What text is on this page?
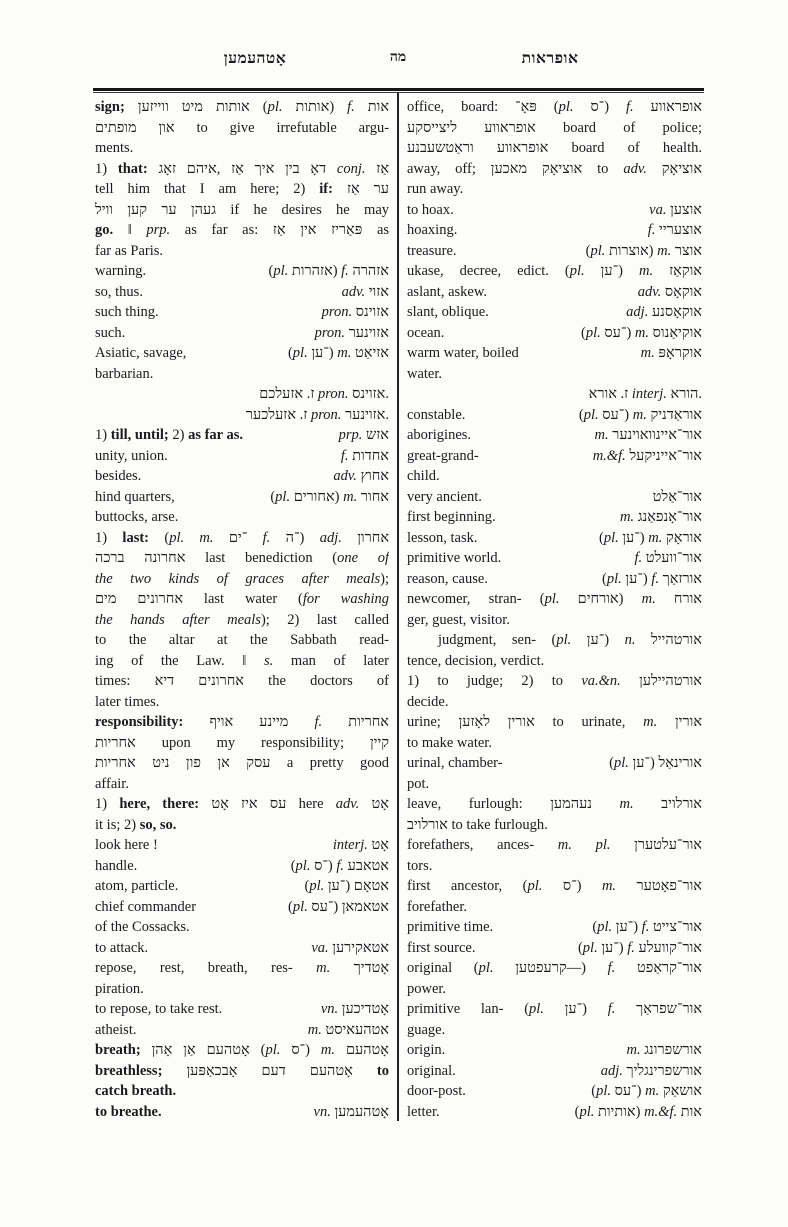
אָטהעמען	מה	אופראות
sign; ווייזען‎ מיט‎ אותות (pl. אותות) f. אות
מופתים‎ און to give irrefutable argu-
ments.
1) that: זאָג‎ איהם,‎ אַז‎ איך‎ בין‎ דאָ conj. אַז
tell him that I am here; 2) if: אַז‎ ער
וויל‎ קען‎ ער‎ געהן if he desires he may
go. ‖ prp. as far as: אַז‎ אין‎ פּאַריז as
far as Paris.
warning.	(pl. אזהרות) f. אזהרה
so, thus.	adv. אזוי
such thing.	pron. אזוינס
such.	pron. אזוינער
Asiatic, savage,	(pl. ־ען) m. אזיאַט
barbarian.
אזעלכם‎ ז.‏ pron. אזוינס.
אזעלכער‎ ז.‏ pron. אזוינער.
1) till, until; 2) as far as.	prp. אזש
unity, union.	f. אחדות
besides.	adv. אחוץ
hind quarters,	(pl. אחורים) m. אחור
buttocks, arse.
1) last: (pl. m. ־ים f. ־ה) adj. אחרון
ברכה‎ אחרונה last benediction (one of
the two kinds of graces after meals);
מים‎ אחרונים last water (for washing
the hands after meals); 2) last called
to the altar at the Sabbath read-
ing of the Law. ‖ s. man of later
times: דיא‎ אחרונים the doctors of
later times.
responsibility: אויף‎ מיינע f. אחריות
אחריות upon my responsibility; קיין
אחריות‎ ניט‎ פון‎ אן‎ עסק a pretty good
affair.
1) here, there: אָט‎ איז‎ עס here adv. אָט
it is; 2) so, so.
look here !	interj. אָט
handle.	(pl. ־ס) f. אטאבע
atom, particle.	(pl. ־ען) אטאָם
chief commander	(pl. ־עס) אטאמאן
of the Cossacks.
to attack.	va. אטאקירען
repose, rest, breath, res- m. אָטדיך
piration.
to repose, to take rest.	vn. אָטדיכען
atheist.	m. אטהעאיסט
breath; אָהן‎ אַן‎ אָטהעם (pl. ־ס) m. אָטהעם
breathless; אָבכאַפּען‎ דעם‎ אָטהעם to
catch breath.
to breathe.	vn. אָטהעמען
office, board: פּאָ־ (pl. ־ס) f. אופראווע
ליצייסקע‎ אופראווע board of police;
וראַטשעבנע‎ אופראווע board of health.
away, off; מאכען‎ אוציאָק to adv. אוציאָק
run away.
to hoax.	va. אוצען
hoaxing.	f. אוצעריי
treasure.	(pl. אוצרות) m. אוצר
ukase, decree, edict. (pl. ־ען) m. אוקאַז
aslant, askew.	adv. אוקאָס
slant, oblique.	adj. אוקאָסנע
ocean.	(pl. ־עס) m. אוקיאַנוס
warm water, boiled	m. אוקראָפּ
water.
אורא‎ ז.‏ interj. הורא.
constable.	(pl. ־עס) m. אוראַדניק
aborigines.	m. אור־איינוואוינער
great-grand-	m.&f. אור־אייניקעל
child.
very ancient.	אור־אַלט
first beginning.	m. אור־אָנפאַנג
lesson, task.	(pl. ־ען) m. אוראָק
primitive world.	f. אור־וועלט
reason, cause.	(pl. ־ען) f. אורזאַך
newcomer, stran- (pl. אורחים) m. אורח
ger, guest, visitor.
judgment, sen- (pl. ־ען) n. אורטהייל
tence, decision, verdict.
1) to judge; 2) to va.&n. אורטהיילען
decide.
urine; לאָזען‎ אורין to urinate, m. אורין
to make water.
urinal, chamber-	(pl. ־ען) אורינאַל
pot.
leave, furlough: נעהמען m. אורלויב
אורלויב to take furlough.
forefathers, ances- m. pl. אור־עלטערן
tors.
first ancestor, (pl. ־ס) m. אור־פאָטער
forefather.
primitive time.	(pl. ־ען) f. אור־צייט
first source.	(pl. ־ען) f. אור־קוועלע
original (pl. ‏—קרעפטען) f. אור־קראַפט
power.
primitive lan- (pl. ־ען) f. אור־שפראַך
guage.
origin.	m. אורשפרונג
original.	adj. אורשפרינגליך
door-post.	(pl. ־עס) m. אושאַק
letter.	(pl. אותיות) m.&f. אות
